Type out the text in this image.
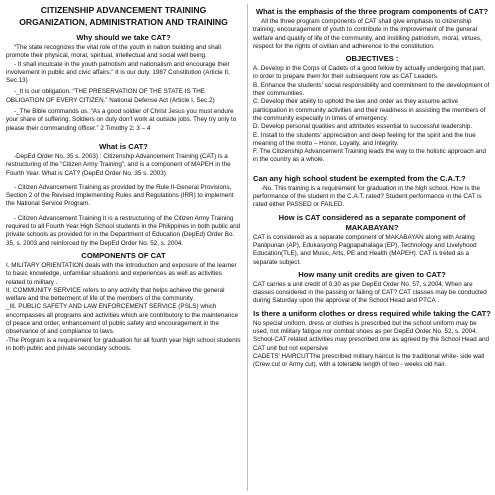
CITIZENSHIP ADVANCEMENT TRAINING ORGANIZATION, ADMINISTRATION AND TRAINING
Why should we take CAT?
“The state recognizes the vital role of the youth in nation building and shall promote their physical, moral, spiritual, intellectual and social well being.
- It shall inculcate in the youth patriotism and nationalism and encourage their involvement in public and civic affairs.” It is our duty. 1987 Constitution (Article II, Sec.13)
-_It is our obligation. “THE PRESERVATION OF THE STATE IS THE OBLIGATION OF EVERY CITIZEN.” National Defense Act (Article I, Sec.2)
-_The Bible commands us. “As a good soldier of Christ Jesus you must endure your share of suffering. Soldiers on duty don't work at outside jobs. They try only to please their commanding officer.” 2 Timothy 2: 3 – 4
What is CAT?
-DepEd Order No. 35 s. 2003) : Citizenship Advancement Training (CAT) is a restructuring of the “Citizen Army Training”, and is a component of MAPEH in the Fourth Year. What is CAT? (DepEd Order No. 35 s. 2003)
- Citizen Advancement Training as provided by the Rule II-General Provisions, Section 2 of the Revised Implementing Rules and Regulations (IRR) to implement the National Service Program.
- Citizen Advancement Training It is a restructuring of the Citizen Army Training required to all Fourth Year High School students in the Philippines in both public and private schools as provided for in the Department of Education (DepEd) Order Bo. 35, s. 2003 and reinforced by the DepEd Order No. 52, s. 2004.
COMPONENTS OF CAT
I. MILITARY ORIENTATION deals with the introduction and exposure of the learner to basic knowledge, unfamiliar situations and experiences as well as activities related to military .
II. COMMUNITY SERVICE refers to any activity that helps achieve the general welfare and the betterment of life of the members of the community.
_III. PUBLIC SAFETY AND LAW ENFORCEMENT SERVICE (PSLS) which encompasses all programs and activities which are contributory to the maintenance of peace and order, enhancement of public safety and encouragement in the observance of and compliance to laws.
-The Program is a requirement for graduation for all fourth year high school students in both public and private secondary schools.
What is the emphasis of the three program components of CAT?
All the three program components of CAT shall give emphasis to citizenship training, encouragement of youth to contribute in the improvement of the general welfare and quality of life of the community, and instilling patriotism, moral, virtues, respect for the rights of civilian and adherence to the constitution.
OBJECTIVES :
A. Develop in the Corps of Cadets of a good fellow by actually undergoing that part, in order to prepare them for their subsequent role as CAT Leaders.
B. Enhance the students' social responsibility and commitment to the development of their communities.
C. Develop their ability to uphold the law and order as they assume active participation in community activities and their readiness in assisting the members of the community especially in times of emergency.
D. Develop personal qualities and attributes essential to successful leadership.
E. Install to the students' appreciation and deep feeling for the spirit and the true meaning of the motto – Honor, Loyalty, and Integrity.
F. The Citizenship Advancement Training leads the way to the holistic approach and in the country as a whole.
Can any high school student be exempted from the C.A.T.?
-No. This training is a requirement for graduation in the high school. How is the performance of the student in the C.A.T. rated? Student performance in the CAT is rated either PASSED or FAILED.
How is CAT considered as a separate component of MAKABAYAN?
CAT is considered as a separate component of MAKABAYAN along with Araling Panlipunan (AP), Edukasyong Pagpapahalaga (EP), Technology and Livelyhood Education(TLE), and Music, Arts, PE and Health (MAPEH). CAT is treted as a separate subject.
How many unit credits are given to CAT?
CAT carries a unit credit of 0.30 as per DepEd Order No. 57, s.2004. When are classes considered in the passing or failing of CAT? CAT classes may be conducted during Saturday upon the approval of the School Head and PTCA .
Is there a uniform clothes or dress required while taking the CAT?
No special uniform, dress or clothes is prescribed but the school uniform may be used, not military fatigue nor combat shoes as per DepEd Order No. 52, s. 2004. School-CAT related activities may prescribed one as agreed by the School Head and CAT unit but not expensive
CADETS' HAIRCUTThe prescribed military haircut is the traditional white- side wall (Crew cut or Army cut), with a tolerable length of two - weeks old hair.
